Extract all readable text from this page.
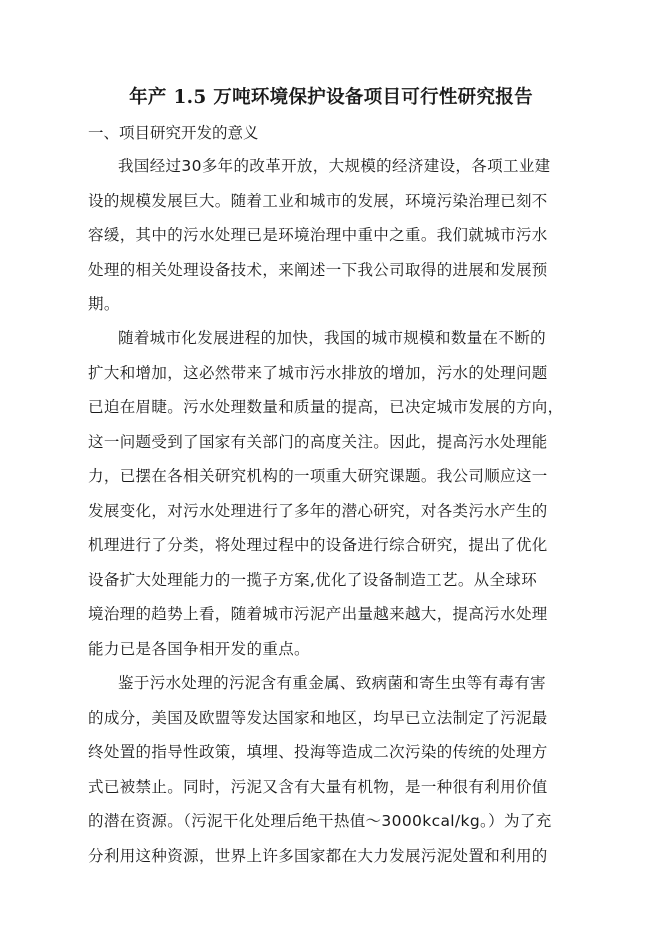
年产 1.5 万吨环境保护设备项目可行性研究报告
一、项目研究开发的意义
我国经过30多年的改革开放，大规模的经济建设，各项工业建
设的规模发展巨大。随着工业和城市的发展，环境污染治理已刻不
容缓，其中的污水处理已是环境治理中重中之重。我们就城市污水
处理的相关处理设备技术，来阐述一下我公司取得的进展和发展预
期。
随着城市化发展进程的加快，我国的城市规模和数量在不断的
扩大和增加，这必然带来了城市污水排放的增加，污水的处理问题
已迫在眉睫。污水处理数量和质量的提高，已决定城市发展的方向，
这一问题受到了国家有关部门的高度关注。因此，提高污水处理能
力，已摆在各相关研究机构的一项重大研究课题。我公司顺应这一
发展变化，对污水处理进行了多年的潜心研究，对各类污水产生的
机理进行了分类，将处理过程中的设备进行综合研究，提出了优化
设备扩大处理能力的一揽子方案,优化了设备制造工艺。从全球环
境治理的趋势上看，随着城市污泥产出量越来越大，提高污水处理
能力已是各国争相开发的重点。
鉴于污水处理的污泥含有重金属、致病菌和寄生虫等有毒有害
的成分，美国及欧盟等发达国家和地区，均早已立法制定了污泥最
终处置的指导性政策，填埋、投海等造成二次污染的传统的处理方
式已被禁止。同时，污泥又含有大量有机物，是一种很有利用价值
的潜在资源。（污泥干化处理后绝干热值～3000kcal/kg。）为了充
分利用这种资源，世界上许多国家都在大力发展污泥处置和利用的
